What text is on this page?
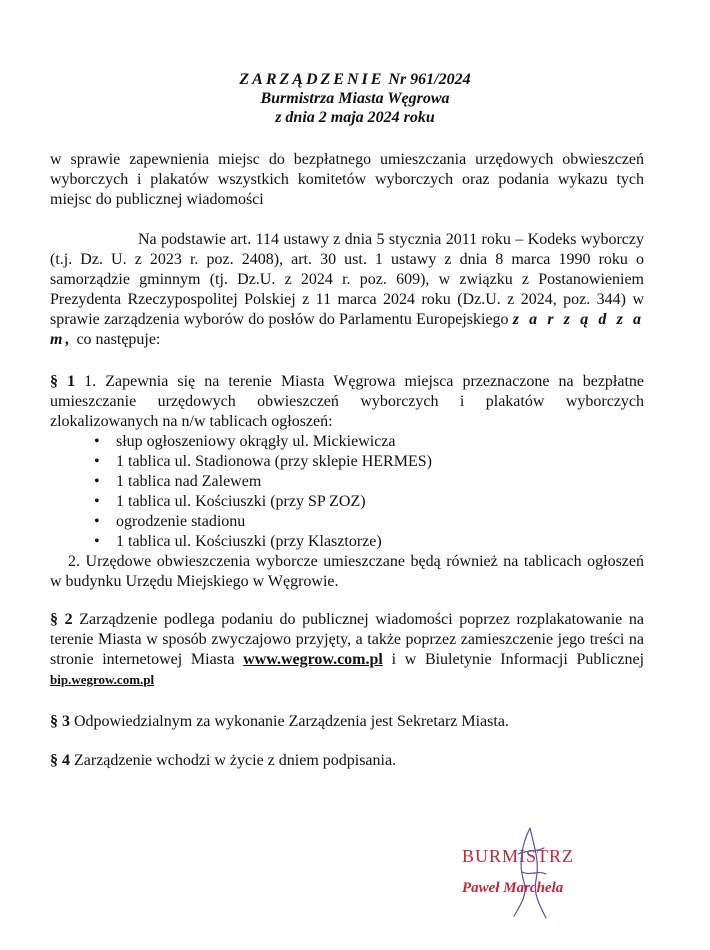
ZARZĄDZENIE Nr 961/2024
Burmistrza Miasta Węgrowa
z dnia 2 maja 2024 roku
w sprawie zapewnienia miejsc do bezpłatnego umieszczania urzędowych obwieszczeń wyborczych i plakatów wszystkich komitetów wyborczych oraz podania wykazu tych miejsc do publicznej wiadomości
Na podstawie art. 114 ustawy z dnia 5 stycznia 2011 roku – Kodeks wyborczy (t.j. Dz. U. z 2023 r. poz. 2408), art. 30 ust. 1 ustawy z dnia 8 marca 1990 roku o samorządzie gminnym (tj. Dz.U. z 2024 r. poz. 609), w związku z Postanowieniem Prezydenta Rzeczypospolitej Polskiej z 11 marca 2024 roku (Dz.U. z 2024, poz. 344) w sprawie zarządzenia wyborów do posłów do Parlamentu Europejskiego z a r z ą d z a m, co następuje:
§ 1 1. Zapewnia się na terenie Miasta Węgrowa miejsca przeznaczone na bezpłatne umieszczanie urzędowych obwieszczeń wyborczych i plakatów wyborczych zlokalizowanych na n/w tablicach ogłoszeń:
• słup ogłoszeniowy okrągły ul. Mickiewicza
• 1 tablica ul. Stadionowa (przy sklepie HERMES)
• 1 tablica nad Zalewem
• 1 tablica ul. Kościuszki (przy SP ZOZ)
• ogrodzenie stadionu
• 1 tablica ul. Kościuszki (przy Klasztorze)
2. Urzędowe obwieszczenia wyborcze umieszczane będą również na tablicach ogłoszeń w budynku Urzędu Miejskiego w Węgrowie.
§ 2 Zarządzenie podlega podaniu do publicznej wiadomości poprzez rozplakatowanie na terenie Miasta w sposób zwyczajowo przyjęty, a także poprzez zamieszczenie jego treści na stronie internetowej Miasta www.wegrow.com.pl i w Biuletynie Informacji Publicznej bip.wegrow.com.pl
§ 3 Odpowiedzialnym za wykonanie Zarządzenia jest Sekretarz Miasta.
§ 4 Zarządzenie wchodzi w życie z dniem podpisania.
BURMISTRZ
Paweł Marchela
